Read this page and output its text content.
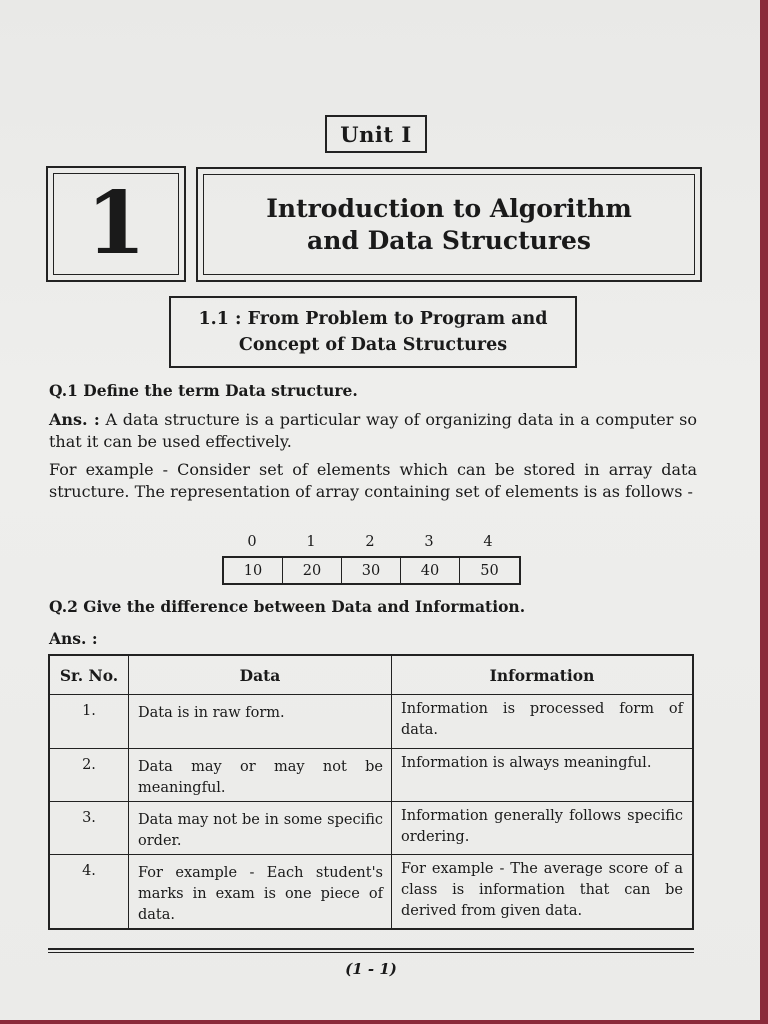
Unit I
1	Introduction to Algorithm
and Data Structures
1.1 : From Problem to Program and
Concept of Data Structures
Q.1 Define the term Data structure.
Ans. : A data structure is a particular way of organizing data in a computer so that it can be used effectively.
For example - Consider set of elements which can be stored in array data structure. The representation of array containing set of elements is as follows -
0	1	2	3	4
10	20	30	40	50
Q.2 Give the difference between Data and Information.
Ans. :
Sr. No.	Data	Information
1.	Data is in raw form.	Information is processed form of data.
2.	Data may or may not be meaningful.	Information is always meaningful.
3.	Data may not be in some specific order.	Information generally follows specific ordering.
4.	For example - Each student's marks in exam is one piece of data.	For example - The average score of a class is information that can be derived from given data.
(1 - 1)
